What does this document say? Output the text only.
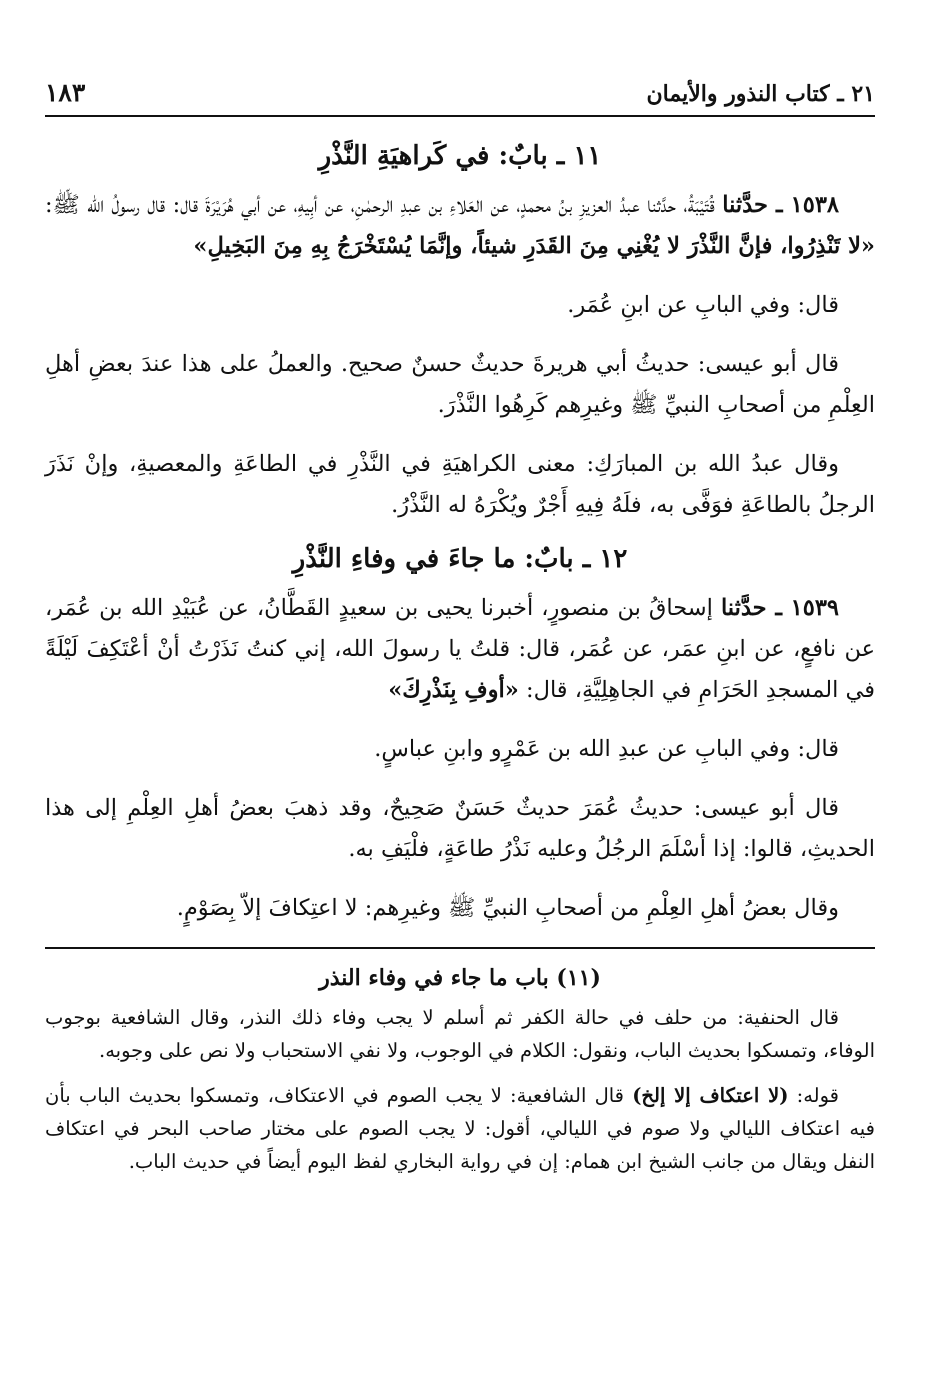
٢١ ـ كتاب النذور والأيمان
١٨٣
١١ ـ بابٌ: في كَراهيَةِ النَّذْرِ

١٥٣٨ ـ حدَّثنا قُتَيْبَةُ، حدَّثنا عبدُ العزيزِ بنُ محمدٍ، عن العَلاءِ بن عبدِ الرحمٰنِ، عن أبِيهِ، عن أبي هُرَيْرَةَ قال: قال رسولُ الله ﷺ: «لا تَنْذِرُوا، فإنَّ النَّذْرَ لا يُغْنِي مِنَ القَدَرِ شيئاً، وإنَّمَا يُسْتَخْرَجُ بِهِ مِنَ البَخِيلِ»

قال: وفي البابِ عن ابنِ عُمَر.

قال أبو عيسى: حديثُ أبي هريرةَ حديثٌ حسنٌ صحيح. والعملُ على هذا عندَ بعضِ أهلِ العِلْمِ من أصحابِ النبيِّ ﷺ وغيرِهم كَرِهُوا النَّذْرَ.

وقال عبدُ الله بن المبارَكِ: معنى الكراهيَةِ في النَّذْرِ في الطاعَةِ والمعصيةِ، وإنْ نَذَرَ الرجلُ بالطاعَةِ فوَفَّى به، فلَهُ فِيهِ أَجْرٌ ويُكْرَهُ له النَّذْرُ.

١٢ ـ بابٌ: ما جاءَ في وفاءِ النَّذْرِ

١٥٣٩ ـ حدَّثنا إسحاقُ بن منصورٍ، أخبرنا يحيى بن سعيدٍ القَطَّانُ، عن عُبَيْدِ الله بن عُمَر، عن نافعٍ، عن ابنِ عمَر، عن عُمَر، قال: قلتُ يا رسولَ الله، إني كنتُ نَذَرْتُ أنْ أعْتَكِفَ لَيْلَةً في المسجدِ الحَرَامِ في الجاهِلِيَّةِ، قال: «أوفِ بِنَذْرِكَ»

قال: وفي البابِ عن عبدِ الله بن عَمْرٍو وابنِ عباسٍ.

قال أبو عيسى: حديثُ عُمَرَ حديثٌ حَسَنٌ صَحِيحٌ، وقد ذهبَ بعضُ أهلِ العِلْمِ إلى هذا الحديثِ، قالوا: إذا أسْلَمَ الرجُلُ وعليه نَذْرُ طاعَةٍ، فلْيَفِ به.

وقال بعضُ أهلِ العِلْمِ من أصحابِ النبيِّ ﷺ وغيرِهم: لا اعتِكافَ إلاّ بِصَوْمٍ.

(١١) باب ما جاء في وفاء النذر

قال الحنفية: من حلف في حالة الكفر ثم أسلم لا يجب وفاء ذلك النذر، وقال الشافعية بوجوب الوفاء، وتمسكوا بحديث الباب، ونقول: الكلام في الوجوب، ولا نفي الاستحباب ولا نص على وجوبه.

قوله: (لا اعتكاف إلا إلخ) قال الشافعية: لا يجب الصوم في الاعتكاف، وتمسكوا بحديث الباب بأن فيه اعتكاف الليالي ولا صوم في الليالي، أقول: لا يجب الصوم على مختار صاحب البحر في اعتكاف النفل ويقال من جانب الشيخ ابن همام: إن في رواية البخاري لفظ اليوم أيضاً في حديث الباب.
